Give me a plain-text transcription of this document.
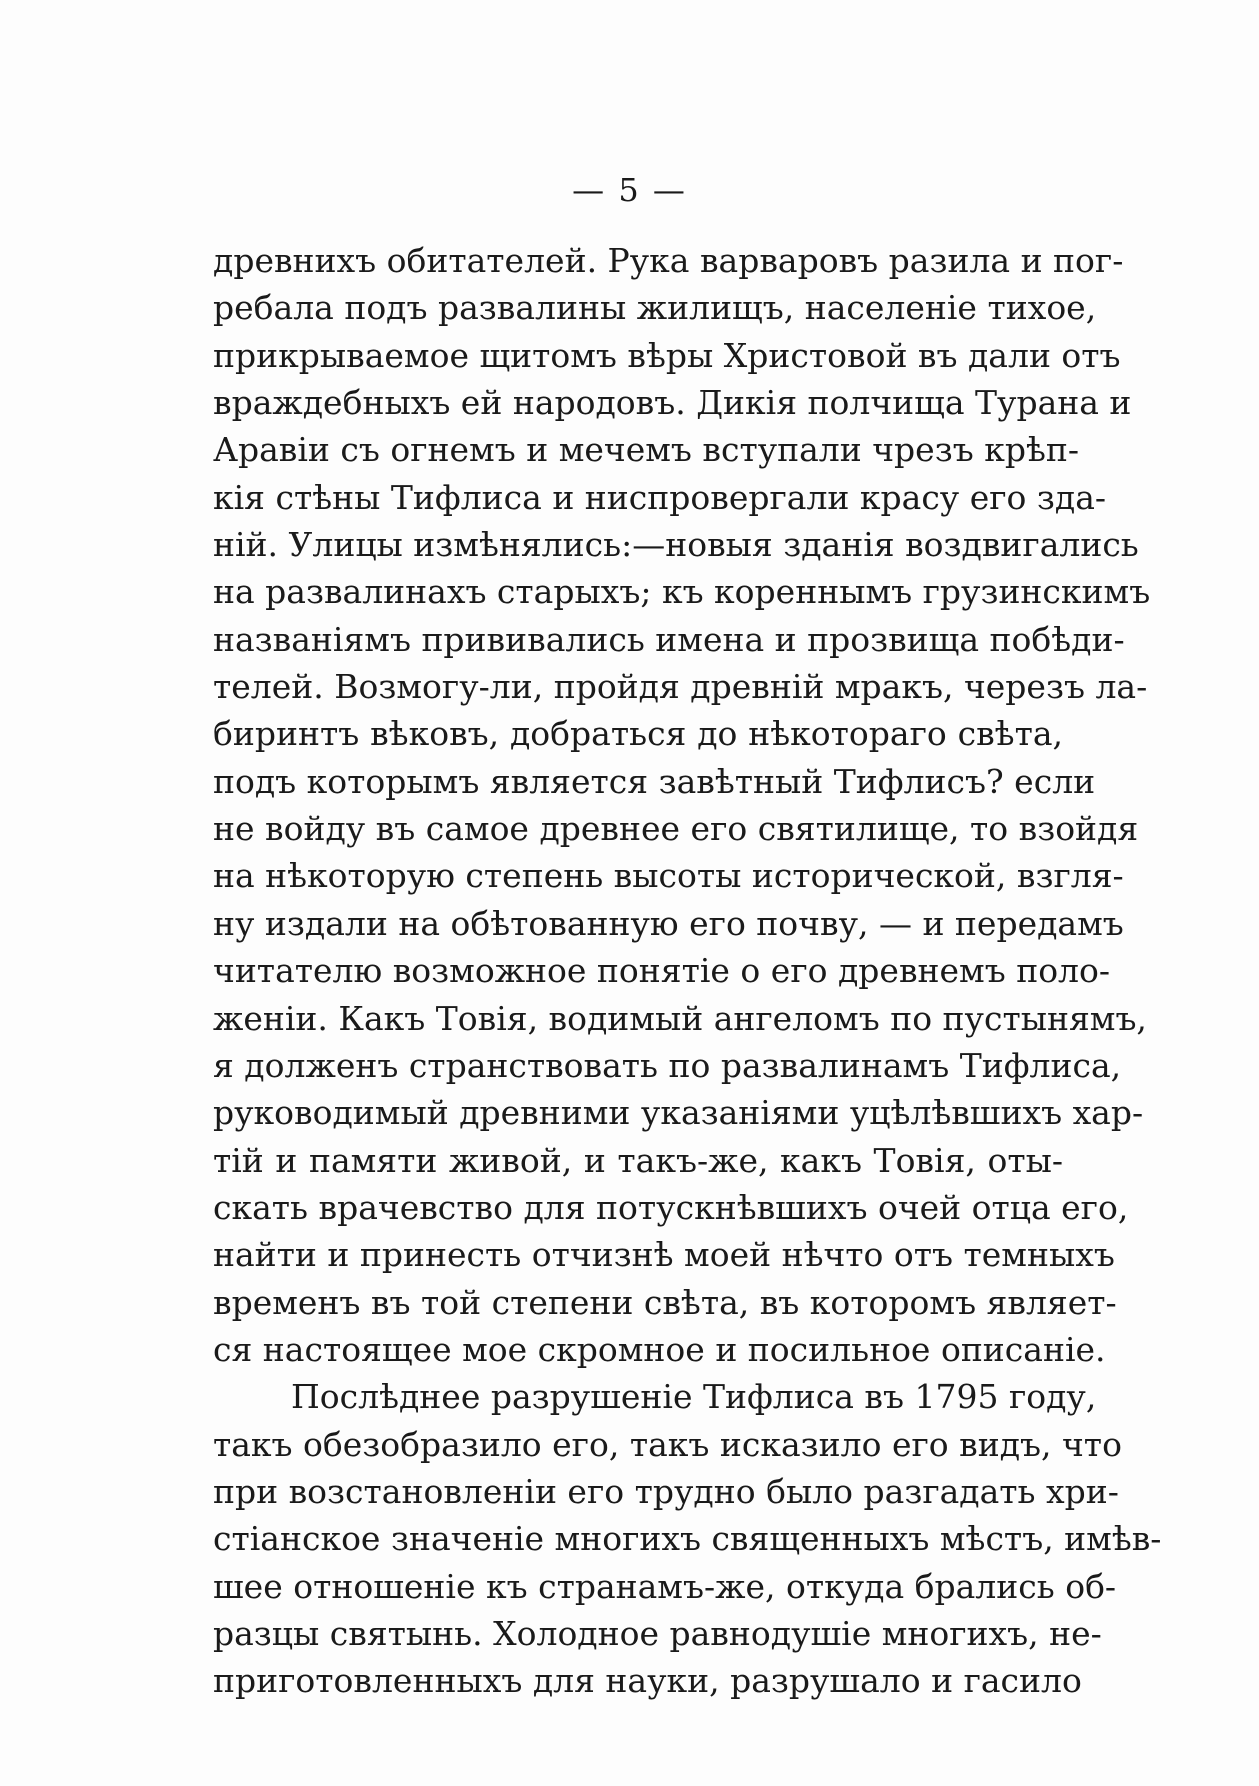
— 5 —
древнихъ обитателей. Рука варваровъ разила и пог-
ребала подъ развалины жилищъ, населенiе тихое,
прикрываемое щитомъ вѣры Христовой въ дали отъ
враждебныхъ ей народовъ. Дикiя полчища Турана и
Аравiи съ огнемъ и мечемъ вступали чрезъ крѣп-
кiя стѣны Тифлиса и ниспровергали красу его зда-
нiй. Улицы измѣнялись:—новыя зданiя воздвигались
на развалинахъ старыхъ; къ кореннымъ грузинскимъ
названiямъ прививались имена и прозвища побѣди-
телей. Возмогу-ли, пройдя древнiй мракъ, черезъ ла-
биринтъ вѣковъ, добраться до нѣкотораго свѣта,
подъ которымъ является завѣтный Тифлисъ? если
не войду въ самое древнее его святилище, то взойдя
на нѣкоторую степень высоты исторической, взгля-
ну издали на обѣтованную его почву, — и передамъ
читателю возможное понятiе о его древнемъ поло-
женiи. Какъ Товiя, водимый ангеломъ по пустынямъ,
я долженъ странствовать по развалинамъ Тифлиса,
руководимый древними указанiями уцѣлѣвшихъ хар-
тiй и памяти живой, и такъ-же, какъ Товiя, оты-
скать врачевство для потускнѣвшихъ очей отца его,
найти и принесть отчизнѣ моей нѣчто отъ темныхъ
временъ въ той степени свѣта, въ которомъ являет-
ся настоящее мое скромное и посильное описанiе.
Послѣднее разрушенiе Тифлиса въ 1795 году,
такъ обезобразило его, такъ исказило его видъ, что
при возстановленiи его трудно было разгадать хри-
стiанское значенiе многихъ священныхъ мѣстъ, имѣв-
шее отношенiе къ странамъ-же, откуда брались об-
разцы святынь. Холодное равнодушiе многихъ, не-
приготовленныхъ для науки, разрушало и гасило
